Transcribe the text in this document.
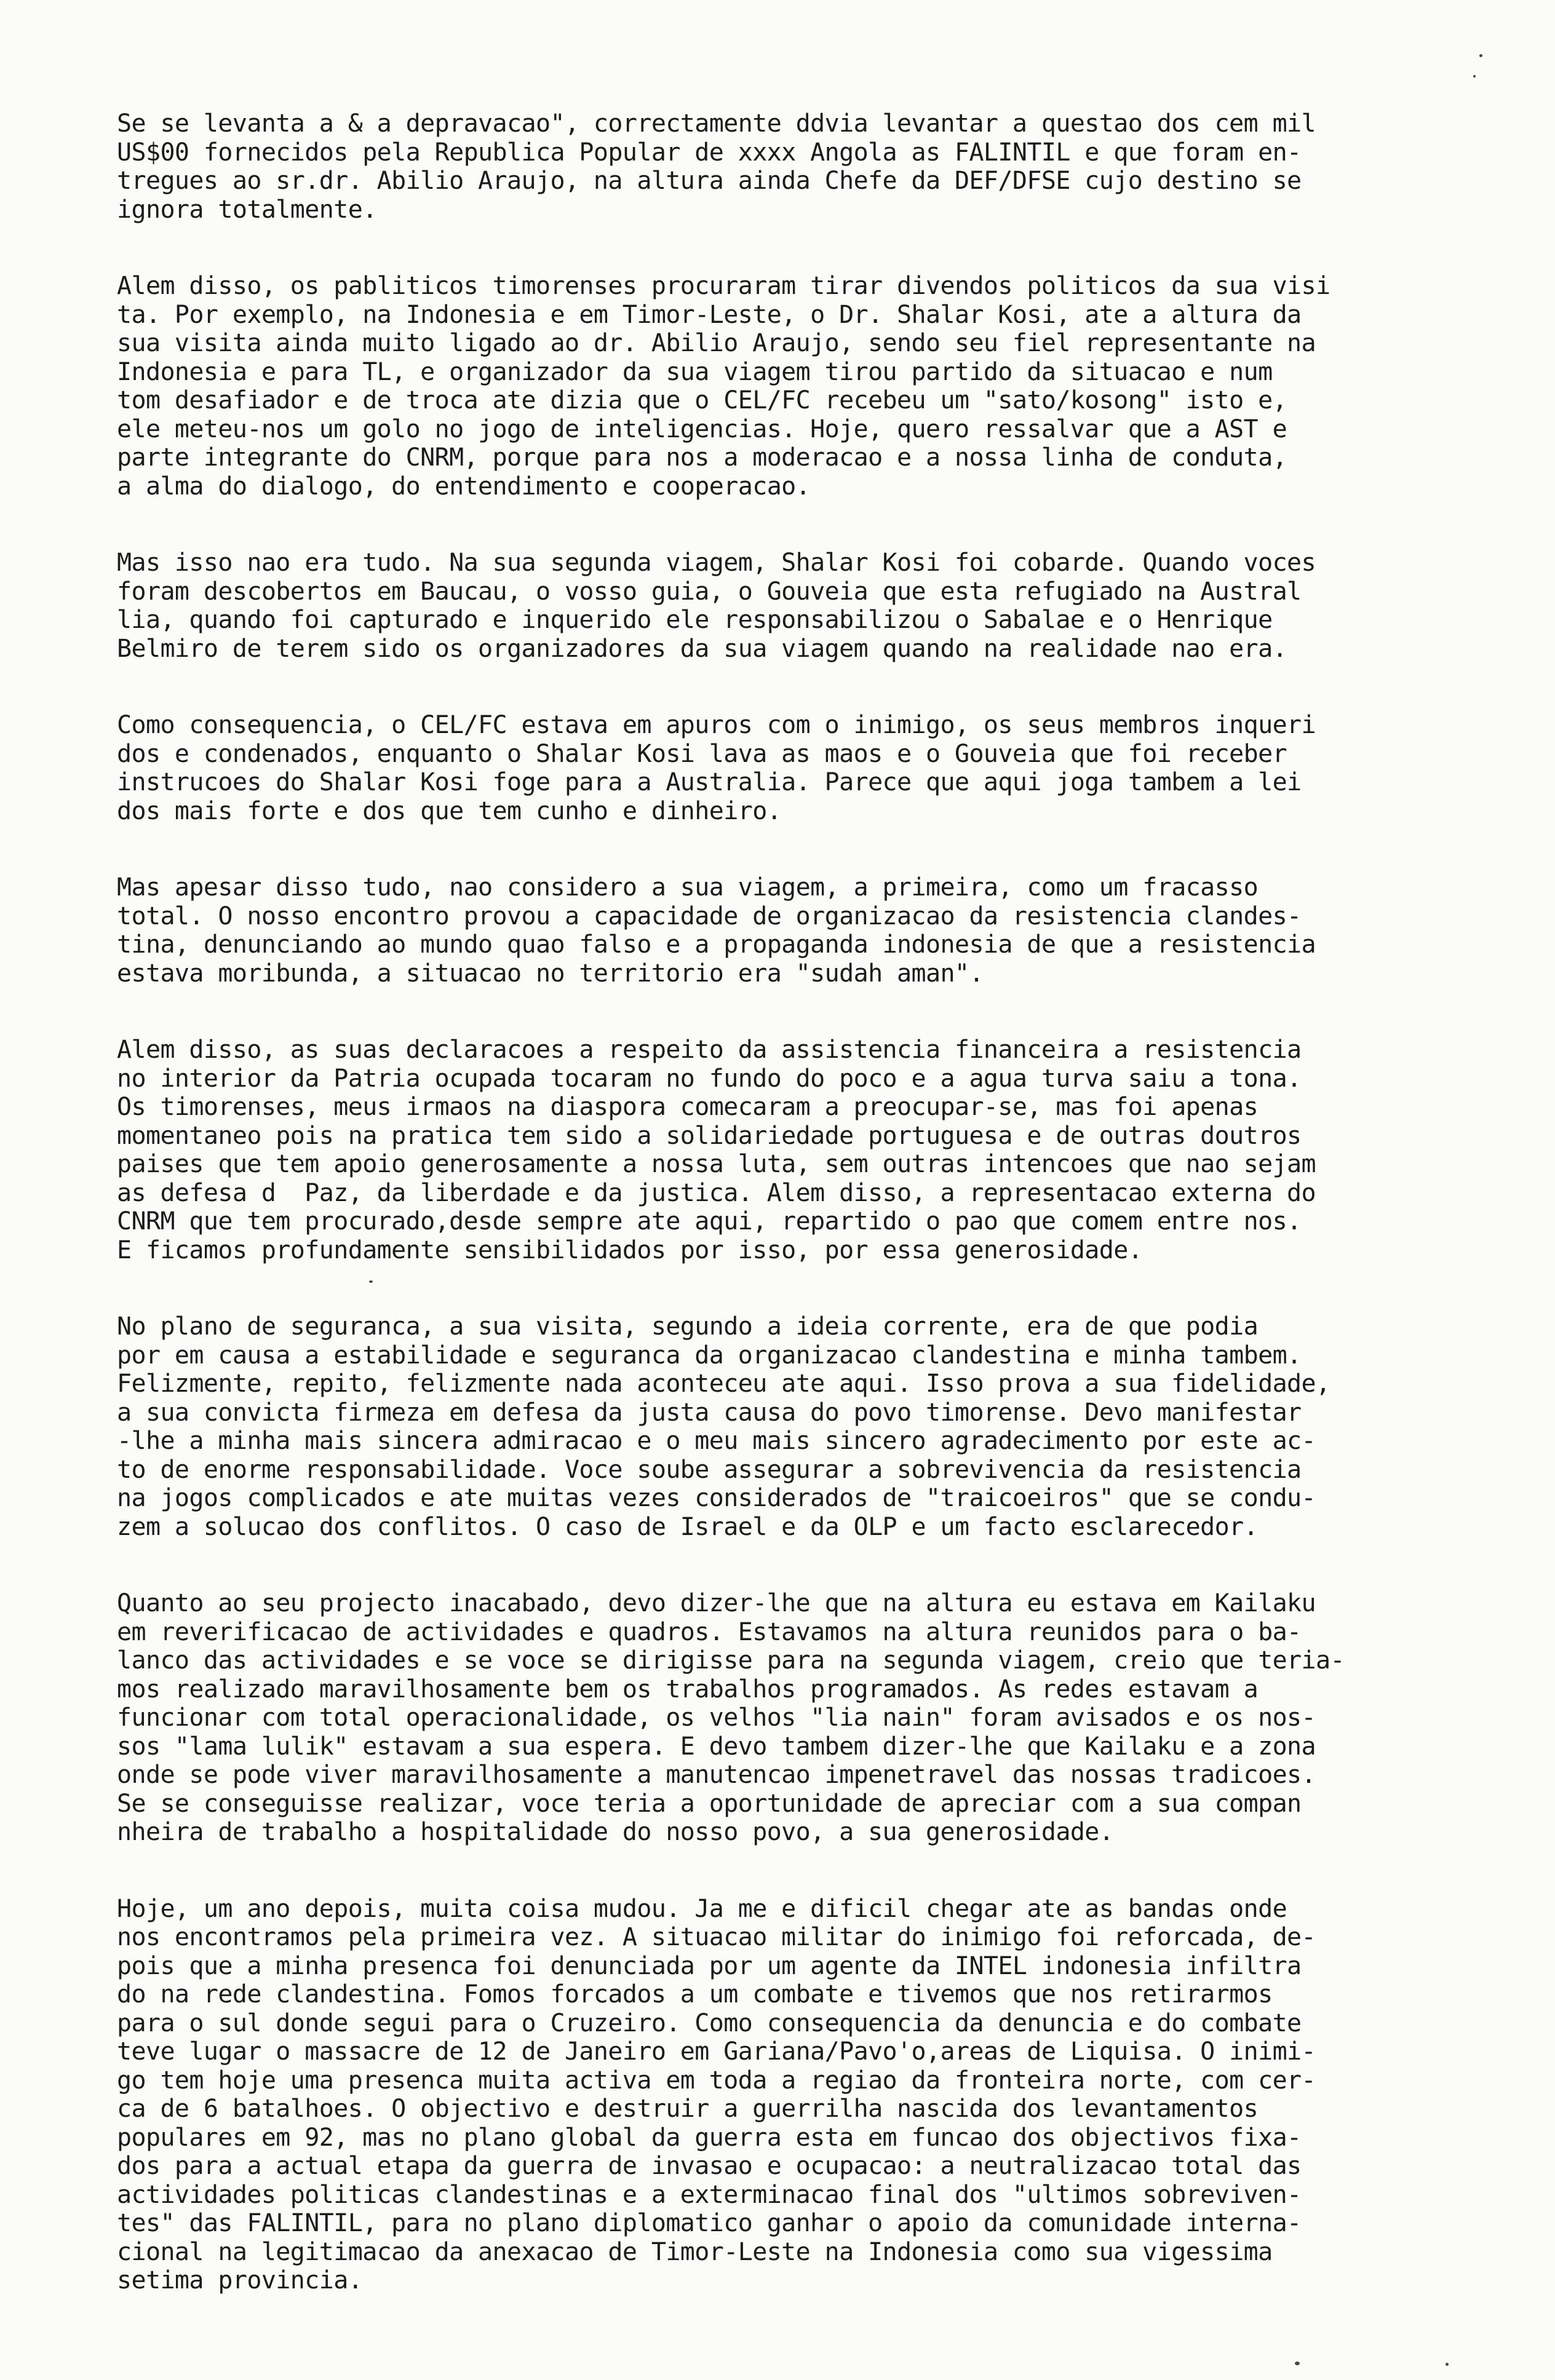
Se se levanta a & a depravacao", correctamente ddvia levantar a questao dos cem mil
US$00 fornecidos pela Republica Popular de xxxx Angola as FALINTIL e que foram en-
tregues ao sr.dr. Abilio Araujo, na altura ainda Chefe da DEF/DFSE cujo destino se
ignora totalmente.
Alem disso, os pabliticos timorenses procuraram tirar divendos politicos da sua visi
ta. Por exemplo, na Indonesia e em Timor-Leste, o Dr. Shalar Kosi, ate a altura da
sua visita ainda muito ligado ao dr. Abilio Araujo, sendo seu fiel representante na
Indonesia e para TL, e organizador da sua viagem tirou partido da situacao e num
tom desafiador e de troca ate dizia que o CEL/FC recebeu um "sato/kosong" isto e,
ele meteu-nos um golo no jogo de inteligencias. Hoje, quero ressalvar que a AST e
parte integrante do CNRM, porque para nos a moderacao e a nossa linha de conduta,
a alma do dialogo, do entendimento e cooperacao.
Mas isso nao era tudo. Na sua segunda viagem, Shalar Kosi foi cobarde. Quando voces
foram descobertos em Baucau, o vosso guia, o Gouveia que esta refugiado na Austral
lia, quando foi capturado e inquerido ele responsabilizou o Sabalae e o Henrique
Belmiro de terem sido os organizadores da sua viagem quando na realidade nao era.
Como consequencia, o CEL/FC estava em apuros com o inimigo, os seus membros inqueri
dos e condenados, enquanto o Shalar Kosi lava as maos e o Gouveia que foi receber
instrucoes do Shalar Kosi foge para a Australia. Parece que aqui joga tambem a lei
dos mais forte e dos que tem cunho e dinheiro.
Mas apesar disso tudo, nao considero a sua viagem, a primeira, como um fracasso
total. O nosso encontro provou a capacidade de organizacao da resistencia clandes-
tina, denunciando ao mundo quao falso e a propaganda indonesia de que a resistencia
estava moribunda, a situacao no territorio era "sudah aman".
Alem disso, as suas declaracoes a respeito da assistencia financeira a resistencia
no interior da Patria ocupada tocaram no fundo do poco e a agua turva saiu a tona.
Os timorenses, meus irmaos na diaspora comecaram a preocupar-se, mas foi apenas
momentaneo pois na pratica tem sido a solidariedade portuguesa e de outras doutros
paises que tem apoio generosamente a nossa luta, sem outras intencoes que nao sejam
as defesa d  Paz, da liberdade e da justica. Alem disso, a representacao externa do
CNRM que tem procurado,desde sempre ate aqui, repartido o pao que comem entre nos.
E ficamos profundamente sensibilidados por isso, por essa generosidade.
No plano de seguranca, a sua visita, segundo a ideia corrente, era de que podia
por em causa a estabilidade e seguranca da organizacao clandestina e minha tambem.
Felizmente, repito, felizmente nada aconteceu ate aqui. Isso prova a sua fidelidade,
a sua convicta firmeza em defesa da justa causa do povo timorense. Devo manifestar
-lhe a minha mais sincera admiracao e o meu mais sincero agradecimento por este ac-
to de enorme responsabilidade. Voce soube assegurar a sobrevivencia da resistencia
na jogos complicados e ate muitas vezes considerados de "traicoeiros" que se condu-
zem a solucao dos conflitos. O caso de Israel e da OLP e um facto esclarecedor.
Quanto ao seu projecto inacabado, devo dizer-lhe que na altura eu estava em Kailaku
em reverificacao de actividades e quadros. Estavamos na altura reunidos para o ba-
lanco das actividades e se voce se dirigisse para na segunda viagem, creio que teria-
mos realizado maravilhosamente bem os trabalhos programados. As redes estavam a
funcionar com total operacionalidade, os velhos "lia nain" foram avisados e os nos-
sos "lama lulik" estavam a sua espera. E devo tambem dizer-lhe que Kailaku e a zona
onde se pode viver maravilhosamente a manutencao impenetravel das nossas tradicoes.
Se se conseguisse realizar, voce teria a oportunidade de apreciar com a sua compan
nheira de trabalho a hospitalidade do nosso povo, a sua generosidade.
Hoje, um ano depois, muita coisa mudou. Ja me e dificil chegar ate as bandas onde
nos encontramos pela primeira vez. A situacao militar do inimigo foi reforcada, de-
pois que a minha presenca foi denunciada por um agente da INTEL indonesia infiltra
do na rede clandestina. Fomos forcados a um combate e tivemos que nos retirarmos
para o sul donde segui para o Cruzeiro. Como consequencia da denuncia e do combate
teve lugar o massacre de 12 de Janeiro em Gariana/Pavo'o,areas de Liquisa. O inimi-
go tem hoje uma presenca muita activa em toda a regiao da fronteira norte, com cer-
ca de 6 batalhoes. O objectivo e destruir a guerrilha nascida dos levantamentos
populares em 92, mas no plano global da guerra esta em funcao dos objectivos fixa-
dos para a actual etapa da guerra de invasao e ocupacao: a neutralizacao total das
actividades politicas clandestinas e a exterminacao final dos "ultimos sobreviven-
tes" das FALINTIL, para no plano diplomatico ganhar o apoio da comunidade interna-
cional na legitimacao da anexacao de Timor-Leste na Indonesia como sua vigessima
setima provincia.
